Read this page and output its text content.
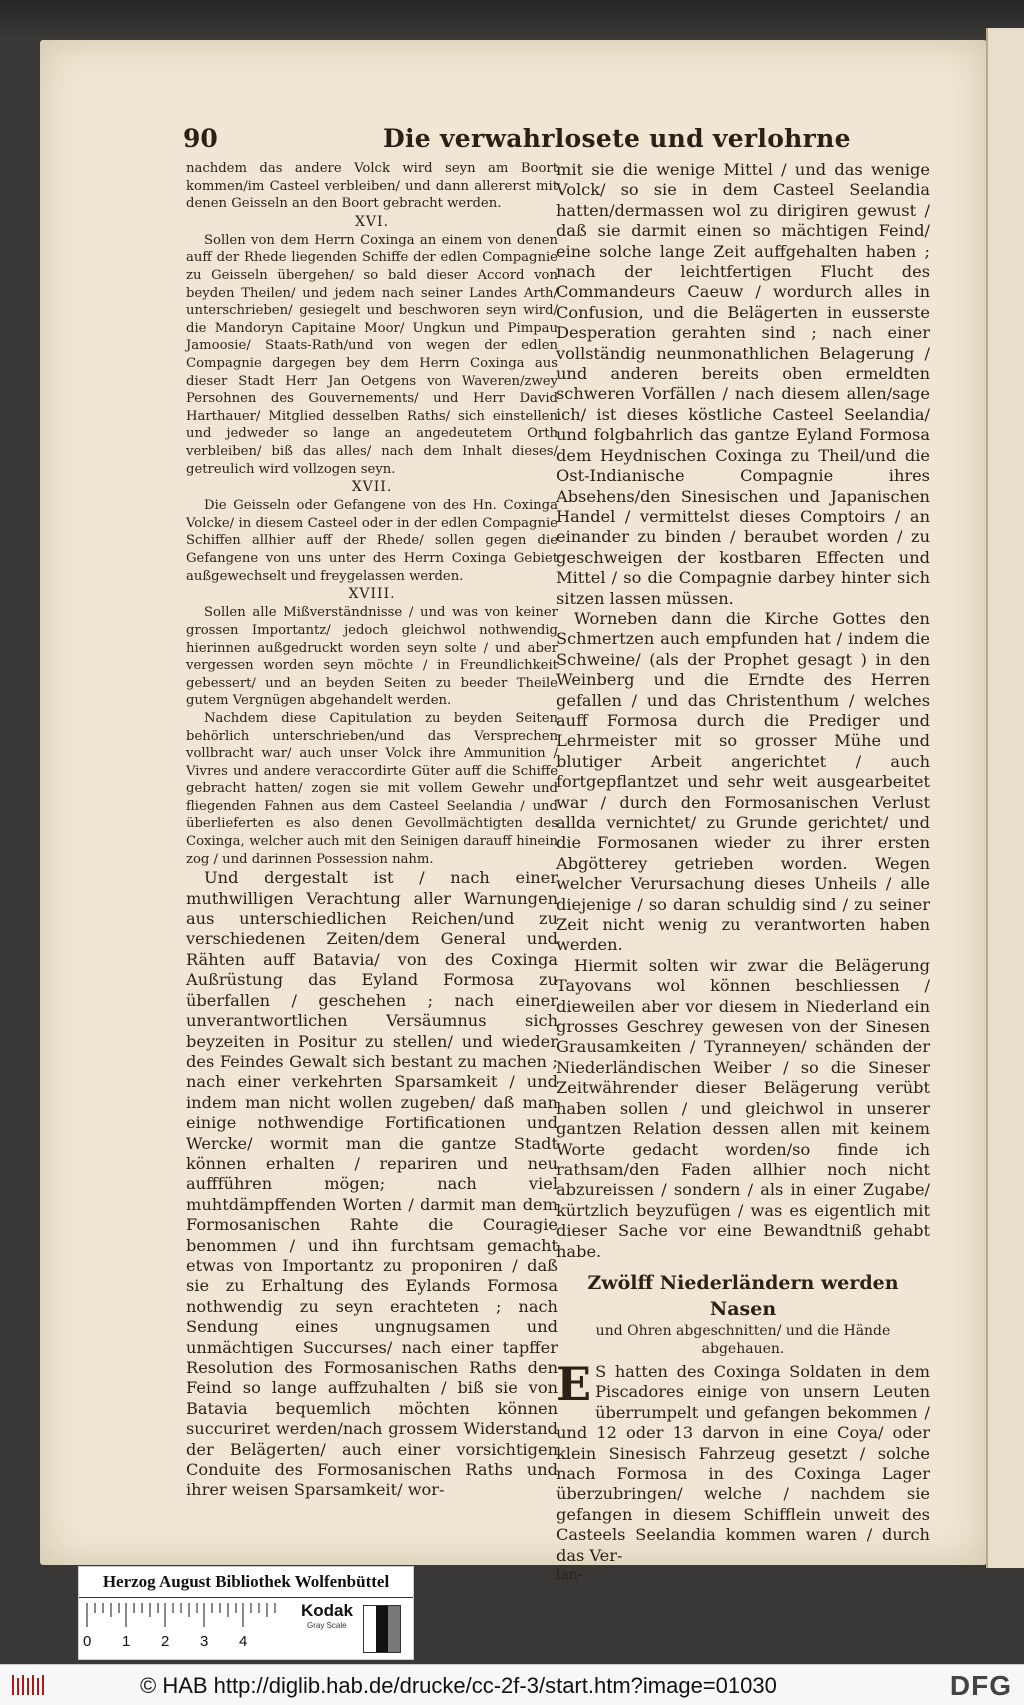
90	Die verwahrlosete und verlohrne

nachdem das andere Volck wird seyn am Boort kommen/im Casteel verbleiben/ und dann allererst mit denen Geisseln an den Boort gebracht werden.

XVI.

Sollen von dem Herrn Coxinga an einem von denen auff der Rhede liegenden Schiffe der edlen Compagnie zu Geisseln übergehen/ so bald dieser Accord von beyden Theilen/ und jedem nach seiner Landes Arth/ unterschrieben/ gesiegelt und beschworen seyn wird/ die Mandoryn Capitaine Moor/ Ungkun und Pimpau Jamoosie/ Staats-Rath/und von wegen der edlen Compagnie dargegen bey dem Herrn Coxinga aus dieser Stadt Herr Jan Oetgens von Waveren/zwey Persohnen des Gouvernements/ und Herr David Harthauer/ Mitglied desselben Raths/ sich einstellen und jedweder so lange an angedeutetem Orth verbleiben/ biß das alles/ nach dem Inhalt dieses/ getreulich wird vollzogen seyn.

XVII.

Die Geisseln oder Gefangene von des Hn. Coxinga Volcke/ in diesem Casteel oder in der edlen Compagnie Schiffen allhier auff der Rhede/ sollen gegen die Gefangene von uns unter des Herrn Coxinga Gebiet außgewechselt und freygelassen werden.

XVIII.

Sollen alle Mißverständnisse / und was von keiner grossen Importantz/ jedoch gleichwol nothwendig hierinnen außgedruckt worden seyn solte / und aber vergessen worden seyn möchte / in Freundlichkeit gebessert/ und an beyden Seiten zu beeder Theile gutem Vergnügen abgehandelt werden.

Nachdem diese Capitulation zu beyden Seiten behörlich unterschrieben/und das Versprechen vollbracht war/ auch unser Volck ihre Ammunition / Vivres und andere veraccordirte Güter auff die Schiffe gebracht hatten/ zogen sie mit vollem Gewehr und fliegenden Fahnen aus dem Casteel Seelandia / und überlieferten es also denen Gevollmächtigten des Coxinga, welcher auch mit den Seinigen darauff hinein zog / und darinnen Possession nahm.

Und dergestalt ist / nach einer muthwilligen Verachtung aller Warnungen aus unterschiedlichen Reichen/und zu verschiedenen Zeiten/dem General und Rähten auff Batavia/ von des Coxinga Außrüstung das Eyland Formosa zu überfallen / geschehen ; nach einer unverantwortlichen Versäumnus sich beyzeiten in Positur zu stellen/ und wieder des Feindes Gewalt sich bestant zu machen ; nach einer verkehrten Sparsamkeit / und indem man nicht wollen zugeben/ daß man einige nothwendige Fortificationen und Wercke/ wormit man die gantze Stadt können erhalten / repariren und neu auffführen mögen; nach viel muhtdämpffenden Worten / darmit man dem Formosanischen Rahte die Couragie benommen / und ihn furchtsam gemacht etwas von Importantz zu proponiren / daß sie zu Erhaltung des Eylands Formosa nothwendig zu seyn erachteten ; nach Sendung eines ungnugsamen und unmächtigen Succurses/ nach einer tapffer Resolution des Formosanischen Raths den Feind so lange auffzuhalten / biß sie von Batavia bequemlich möchten können succuriret werden/nach grossem Widerstand der Belägerten/ auch einer vorsichtigen Conduite des Formosanischen Raths und ihrer weisen Sparsamkeit/ wor-

mit sie die wenige Mittel / und das wenige Volck/ so sie in dem Casteel Seelandia hatten/dermassen wol zu dirigiren gewust / daß sie darmit einen so mächtigen Feind/ eine solche lange Zeit auffgehalten haben ; nach der leichtfertigen Flucht des Commandeurs Caeuw / wordurch alles in Confusion, und die Belägerten in eusserste Desperation gerahten sind ; nach einer vollständig neunmonathlichen Belagerung / und anderen bereits oben ermeldten schweren Vorfällen / nach diesem allen/sage ich/ ist dieses köstliche Casteel Seelandia/ und folgbahrlich das gantze Eyland Formosa dem Heydnischen Coxinga zu Theil/und die Ost-Indianische Compagnie ihres Absehens/den Sinesischen und Japanischen Handel / vermittelst dieses Comptoirs / an einander zu binden / beraubet worden / zu geschweigen der kostbaren Effecten und Mittel / so die Compagnie darbey hinter sich sitzen lassen müssen.

Worneben dann die Kirche Gottes den Schmertzen auch empfunden hat / indem die Schweine/ (als der Prophet gesagt ) in den Weinberg und die Erndte des Herren gefallen / und das Christenthum / welches auff Formosa durch die Prediger und Lehrmeister mit so grosser Mühe und blutiger Arbeit angerichtet / auch fortgepflantzet und sehr weit ausgearbeitet war / durch den Formosanischen Verlust allda vernichtet/ zu Grunde gerichtet/ und die Formosanen wieder zu ihrer ersten Abgötterey getrieben worden. Wegen welcher Verursachung dieses Unheils / alle diejenige / so daran schuldig sind / zu seiner Zeit nicht wenig zu verantworten haben werden.

Hiermit solten wir zwar die Belägerung Tayovans wol können beschliessen / dieweilen aber vor diesem in Niederland ein grosses Geschrey gewesen von der Sinesen Grausamkeiten / Tyranneyen/ schänden der Niederländischen Weiber / so die Sineser Zeitwährender dieser Belägerung verübt haben sollen / und gleichwol in unserer gantzen Relation dessen allen mit keinem Worte gedacht worden/so finde ich rathsam/den Faden allhier noch nicht abzureissen / sondern / als in einer Zugabe/ kürtzlich beyzufügen / was es eigentlich mit dieser Sache vor eine Bewandtniß gehabt habe.

Zwölff Niederländern werden Nasen

und Ohren abgeschnitten/ und die Hände abgehauen.

E S hatten des Coxinga Soldaten in dem Piscadores einige von unsern Leuten überrumpelt und gefangen bekommen / und 12 oder 13 darvon in eine Coya/ oder klein Sinesisch Fahrzeug gesetzt / solche nach Formosa in des Coxinga Lager überzubringen/ welche / nachdem sie gefangen in diesem Schifflein unweit des Casteels Seelandia kommen waren / durch das Ver-

lan-

Herzog August Bibliothek Wolfenbüttel
0 1 2 3 4
Kodak
Gray Scale
© HAB http://diglib.hab.de/drucke/cc-2f-3/start.htm?image=01030	DFG
